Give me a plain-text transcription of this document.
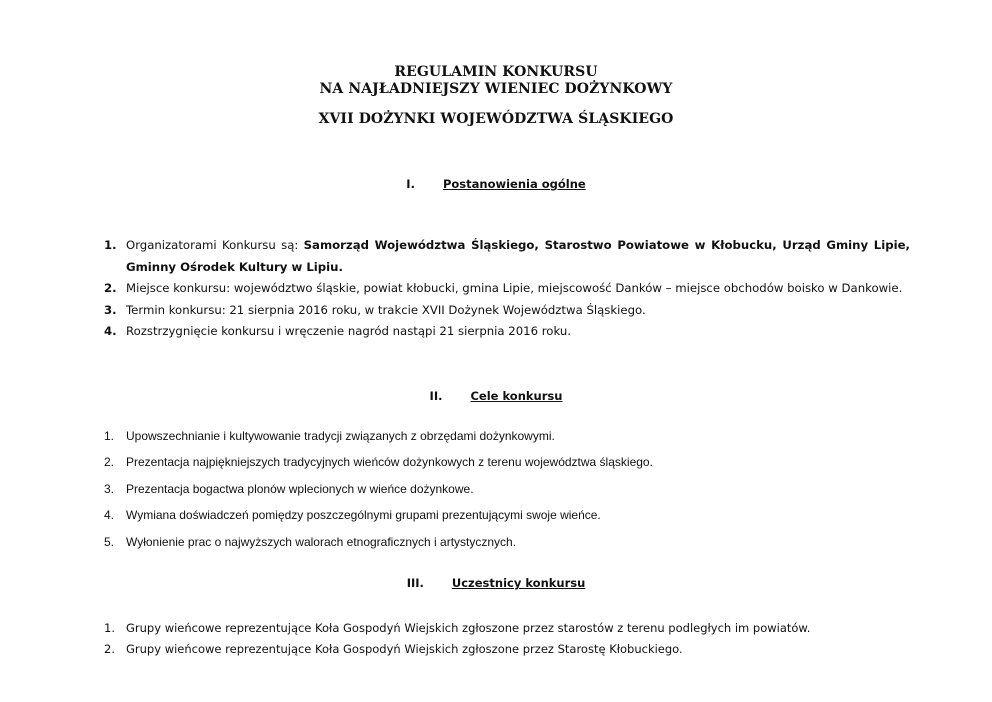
REGULAMIN KONKURSU
NA NAJŁADNIEJSZY WIENIEC DOŻYNKOWY
XVII DOŻYNKI WOJEWÓDZTWA ŚLĄSKIEGO
I. Postanowienia ogólne
1. Organizatorami Konkursu są: Samorząd Województwa Śląskiego, Starostwo Powiatowe w Kłobucku, Urząd Gminy Lipie, Gminny Ośrodek Kultury w Lipiu.
2. Miejsce konkursu: województwo śląskie, powiat kłobucki, gmina Lipie, miejscowość Danków – miejsce obchodów boisko w Dankowie.
3. Termin konkursu: 21 sierpnia 2016 roku, w trakcie XVII Dożynek Województwa Śląskiego.
4. Rozstrzygnięcie konkursu i wręczenie nagród nastąpi 21 sierpnia 2016 roku.
II. Cele konkursu
1. Upowszechnianie i kultywowanie tradycji związanych z obrzędami dożynkowymi.
2. Prezentacja najpiękniejszych tradycyjnych wieńców dożynkowych z terenu województwa śląskiego.
3. Prezentacja bogactwa plonów wplecionych w wieńce dożynkowe.
4. Wymiana doświadczeń pomiędzy poszczególnymi grupami prezentującymi swoje wieńce.
5. Wyłonienie prac o najwyższych walorach etnograficznych i artystycznych.
III. Uczestnicy konkursu
1. Grupy wieńcowe reprezentujące Koła Gospodyń Wiejskich zgłoszone przez starostów z terenu podległych im powiatów.
2. Grupy wieńcowe reprezentujące Koła Gospodyń Wiejskich zgłoszone przez Starostę Kłobuckiego.
